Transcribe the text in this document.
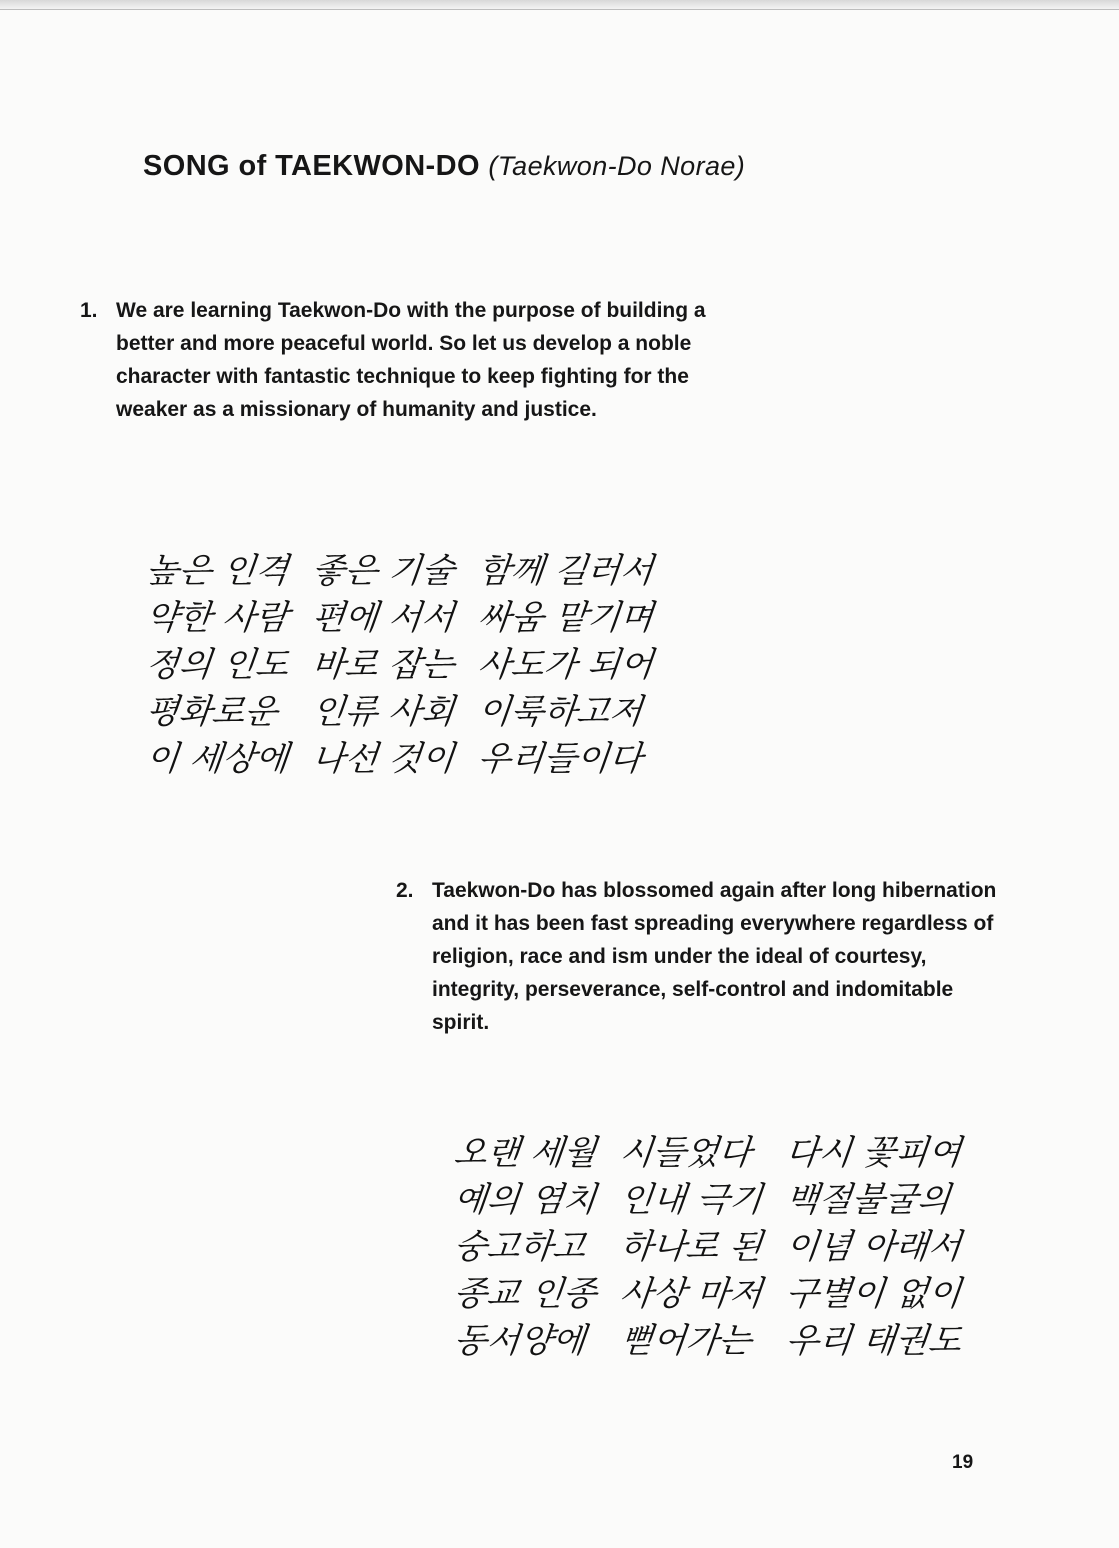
SONG of TAEKWON-DO (Taekwon-Do Norae)
1. We are learning Taekwon-Do with the purpose of building a better and more peaceful world. So let us develop a noble character with fantastic technique to keep fighting for the weaker as a missionary of humanity and justice.
높은 인격 좋은 기술 함께 길러서
약한 사람 편에 서서 싸움 맡기며
정의 인도 바로 잡는 사도가 되어
평화로운 인류 사회 이룩하고저
이 세상에 나선 것이 우리들이다
2. Taekwon-Do has blossomed again after long hibernation and it has been fast spreading everywhere regardless of religion, race and ism under the ideal of courtesy, integrity, perseverance, self-control and indomitable spirit.
오랜 세월 시들었다 다시 꽃피여
예의 염치 인내 극기 백절불굴의
숭고하고 하나로 된 이념 아래서
종교 인종 사상 마저 구별이 없이
동서양에 뻗어가는 우리 태권도
19
